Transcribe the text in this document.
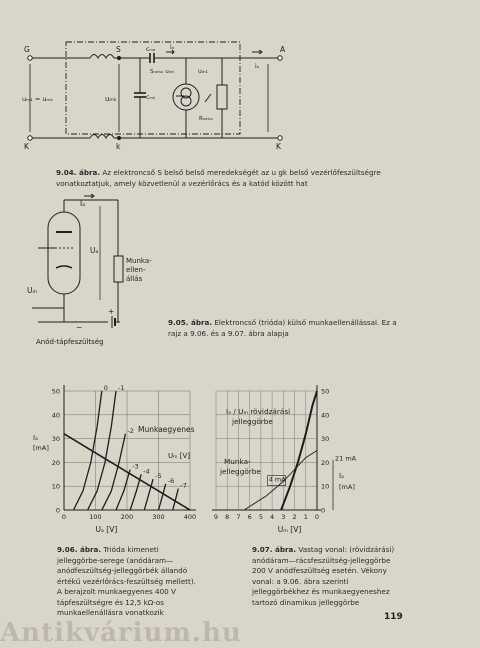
G	S	A
K	k	K
uₘ₁ = uₘₖ	uₘₖ
cₘₐ iₐ
iₐ
cₘₖ
Sₙₑₗₛₒ uₘₖ	uₘ₁
Rₙₑₗₛₒ
Iₐ
Uₐ
Uₘ
Munka-ellen-állás
−
+
Anód-tápfeszültség
0
10
20
30
40
50
0	100	200	300	400
Iₐ
[mA]
Uₐ [V]
0 -1
-2
-3
-4
-5
-6
-7
Munkaegyenes
Uₘ [V]
0
10
20
30
40
50
9 8 7 6 5 4 3 2 1 0
Iₐ
[mA]
Uₘ [V]
21 mA
4 mA
Iₐ / Uₘ rövidzárási
jelleggörbe
Munka-
jelleggörbe
9.04. ábra. Az elektroncső S belső belső meredekségét az u gk belső vezérlőfeszültségre vonatkoztatjuk, amely közvetlenül a vezérlőrács és a katód között hat
9.05. ábra. Elektroncső (trióda) külső munkaellenállással. Ez a rajz a 9.06. és a 9.07. ábra alapja
9.06. ábra. Trióda kimeneti jelleggörbe-serege (anódáram—anódfeszültség-jelleggörbék állandó értékű vezérlőrács-feszültség mellett). A berajzolt munkaegyenes 400 V tápfeszültségre és 12,5 kΩ-os munkaellenállásra vonatkozik
9.07. ábra. Vastag vonal: (rövidzárási) anódáram—rácsfeszültség-jelleggörbe 200 V anódfeszültség esetén. Vékony vonal: a 9.06. ábra szerinti jelleggörbékhez és munkaegyeneshez tartozó dinamikus jelleggörbe
119
Antikvárium.hu
